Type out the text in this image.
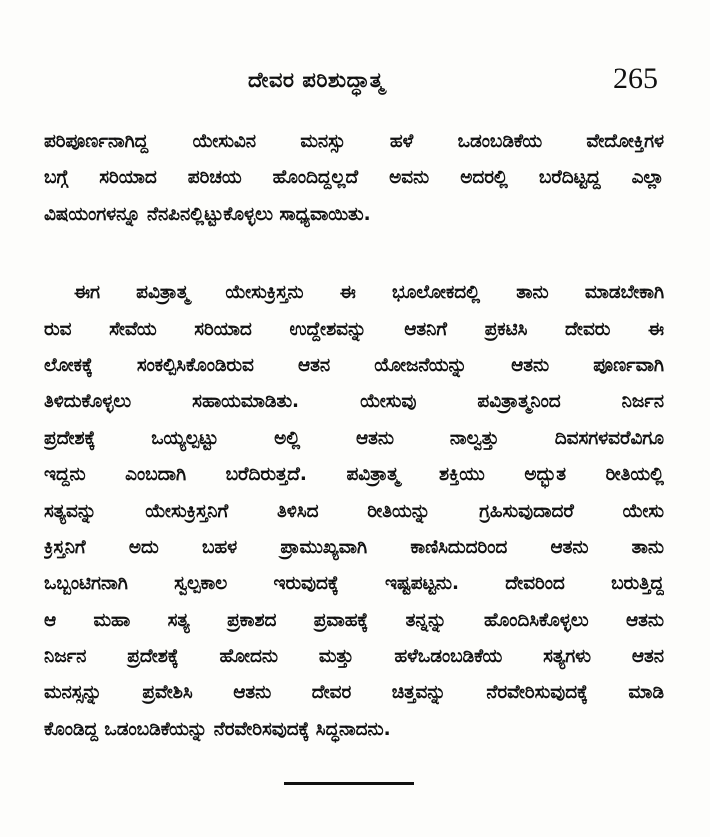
ದೇವರ ಪರಿಶುದ್ಧಾತ್ಮ	265
ಪರಿಪೂರ್ಣನಾಗಿದ್ದ ಯೇಸುವಿನ ಮನಸ್ಸು ಹಳೆ ಒಡಂಬಡಿಕೆಯ ವೇದೋಕ್ತಿಗಳ
ಬಗ್ಗೆ ಸರಿಯಾದ ಪರಿಚಯ ಹೊಂದಿದ್ದಲ್ಲದೆ ಅವನು ಅದರಲ್ಲಿ ಬರೆದಿಟ್ಟದ್ದ ಎಲ್ಲಾ
ವಿಷಯಂಗಳನ್ನೂ ನೆನಪಿನಲ್ಲಿಟ್ಟುಕೊಳ್ಳಲು ಸಾಧ್ಯವಾಯಿತು.
ಈಗ ಪವಿತ್ರಾತ್ಮ ಯೇಸುಕ್ರಿಸ್ತನು ಈ ಭೂಲೋಕದಲ್ಲಿ ತಾನು ಮಾಡಬೇಕಾಗಿ
ರುವ ಸೇವೆಯ ಸರಿಯಾದ ಉದ್ದೇಶವನ್ನು ಆತನಿಗೆ ಪ್ರಕಟಿಸಿ ದೇವರು ಈ
ಲೋಕಕ್ಕೆ ಸಂಕಲ್ಪಿಸಿಕೊಂಡಿರುವ ಆತನ ಯೋಜನೆಯನ್ನು ಆತನು ಪೂರ್ಣವಾಗಿ
ತಿಳಿದುಕೊಳ್ಳಲು ಸಹಾಯಮಾಡಿತು. ಯೇಸುವು ಪವಿತ್ರಾತ್ಮನಿಂದ ನಿರ್ಜನ
ಪ್ರದೇಶಕ್ಕೆ ಒಯ್ಯಲ್ಪಟ್ಟು ಅಲ್ಲಿ ಆತನು ನಾಲ್ವತ್ತು ದಿವಸಗಳವರೆವಿಗೂ
ಇದ್ದನು ಎಂಬದಾಗಿ ಬರೆದಿರುತ್ತದೆ. ಪವಿತ್ರಾತ್ಮ ಶಕ್ತಿಯು ಅದ್ಭುತ ರೀತಿಯಲ್ಲಿ
ಸತ್ಯವನ್ನು ಯೇಸುಕ್ರಿಸ್ತನಿಗೆ ತಿಳಿಸಿದ ರೀತಿಯನ್ನು ಗ್ರಹಿಸುವುದಾದರೆ ಯೇಸು
ಕ್ರಿಸ್ತನಿಗೆ ಅದು ಬಹಳ ಪ್ರಾಮುಖ್ಯವಾಗಿ ಕಾಣಿಸಿದುದರಿಂದ ಆತನು ತಾನು
ಒಬ್ಬಂಟಿಗನಾಗಿ ಸ್ವಲ್ಪಕಾಲ ಇರುವುದಕ್ಕೆ ಇಷ್ಟಪಟ್ಟನು. ದೇವರಿಂದ ಬರುತ್ತಿದ್ದ
ಆ ಮಹಾ ಸತ್ಯ ಪ್ರಕಾಶದ ಪ್ರವಾಹಕ್ಕೆ ತನ್ನನ್ನು ಹೊಂದಿಸಿಕೊಳ್ಳಲು ಆತನು
ನಿರ್ಜನ ಪ್ರದೇಶಕ್ಕೆ ಹೋದನು ಮತ್ತು ಹಳೆಒಡಂಬಡಿಕೆಯ ಸತ್ಯಗಳು ಆತನ
ಮನಸ್ಸನ್ನು ಪ್ರವೇಶಿಸಿ ಆತನು ದೇವರ ಚಿತ್ತವನ್ನು ನೆರವೇರಿಸುವುದಕ್ಕೆ ಮಾಡಿ
ಕೊಂಡಿದ್ದ ಒಡಂಬಡಿಕೆಯನ್ನು ನೆರವೇರಿಸವುದಕ್ಕೆ ಸಿದ್ಧನಾದನು.
